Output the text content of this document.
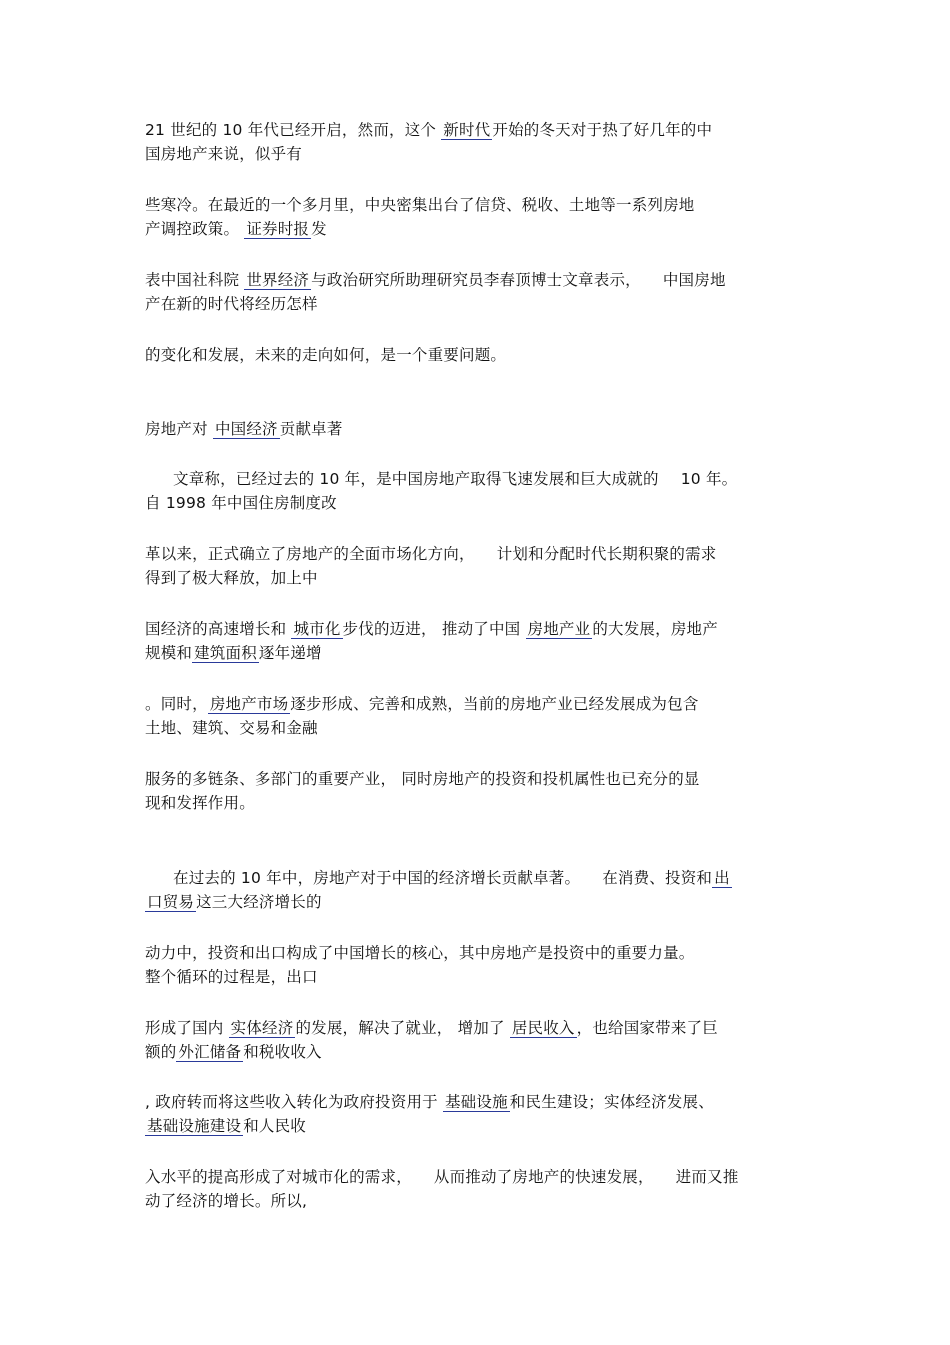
21 世纪的 10 年代已经开启，然而，这个 新时代 开始的冬天对于热了好几年的中
国房地产来说，似乎有
些寒冷。在最近的一个多月里，中央密集出台了信贷、税收、土地等一系列房地
产调控政策。 证券时报 发
表中国社科院 世界经济 与政治研究所助理研究员李春顶博士文章表示， 中国房地
产在新的时代将经历怎样
的变化和发展，未来的走向如何，是一个重要问题。
房地产对 中国经济 贡献卓著
文章称，已经过去的 10 年，是中国房地产取得飞速发展和巨大成就的 10 年。
自 1998 年中国住房制度改
革以来，正式确立了房地产的全面市场化方向， 计划和分配时代长期积聚的需求
得到了极大释放，加上中
国经济的高速增长和 城市化 步伐的迈进， 推动了中国 房地产业 的大发展，房地产
规模和 建筑面积 逐年递增
。同时， 房地产市场 逐步形成、完善和成熟，当前的房地产业已经发展成为包含
土地、建筑、交易和金融
服务的多链条、多部门的重要产业， 同时房地产的投资和投机属性也已充分的显
现和发挥作用。
在过去的 10 年中，房地产对于中国的经济增长贡献卓著。 在消费、投资和 出
口贸易 这三大经济增长的
动力中，投资和出口构成了中国增长的核心，其中房地产是投资中的重要力量。
整个循环的过程是，出口
形成了国内 实体经济 的发展，解决了就业， 增加了 居民收入 ，也给国家带来了巨
额的 外汇储备 和税收收入
, 政府转而将这些收入转化为政府投资用于 基础设施 和民生建设；实体经济发展、
基础设施建设 和人民收
入水平的提高形成了对城市化的需求， 从而推动了房地产的快速发展， 进而又推
动了经济的增长。所以,
